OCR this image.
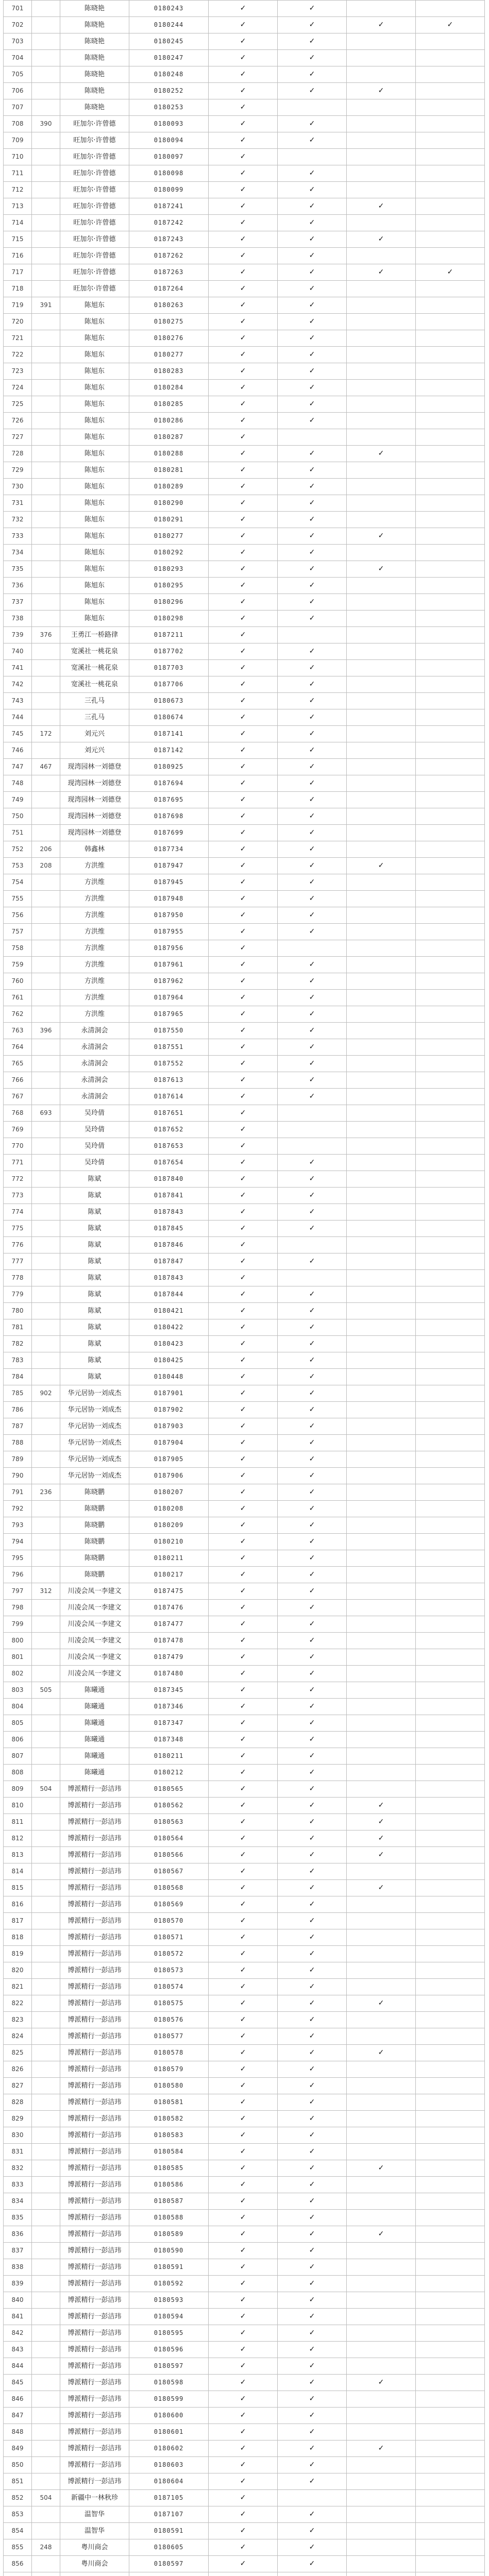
701		陈晓艳	0180243	✓	✓		
702		陈晓艳	0180244	✓	✓	✓	✓
703		陈晓艳	0180245	✓	✓		
704		陈晓艳	0180247	✓	✓		
705		陈晓艳	0180248	✓	✓		
706		陈晓艳	0180252	✓	✓	✓	
707		陈晓艳	0180253	✓			
708	390	旺加尔·许曾德	0180093	✓	✓		
709		旺加尔·许曾德	0180094	✓	✓		
710		旺加尔·许曾德	0180097	✓			
711		旺加尔·许曾德	0180098	✓	✓		
712		旺加尔·许曾德	0180099	✓	✓		
713		旺加尔·许曾德	0187241	✓	✓	✓	
714		旺加尔·许曾德	0187242	✓	✓		
715		旺加尔·许曾德	0187243	✓	✓	✓	
716		旺加尔·许曾德	0187262	✓	✓		
717		旺加尔·许曾德	0187263	✓	✓	✓	✓
718		旺加尔·许曾德	0187264	✓	✓		
719	391	陈旭东	0180263	✓	✓		
720		陈旭东	0180275	✓	✓		
721		陈旭东	0180276	✓	✓		
722		陈旭东	0180277	✓	✓		
723		陈旭东	0180283	✓	✓		
724		陈旭东	0180284	✓	✓		
725		陈旭东	0180285	✓	✓		
726		陈旭东	0180286	✓	✓		
727		陈旭东	0180287	✓			
728		陈旭东	0180288	✓	✓	✓	
729		陈旭东	0180281	✓	✓		
730		陈旭东	0180289	✓	✓		
731		陈旭东	0180290	✓	✓		
732		陈旭东	0180291	✓	✓		
733		陈旭东	0180277	✓	✓	✓	
734		陈旭东	0180292	✓	✓		
735		陈旭东	0180293	✓	✓	✓	
736		陈旭东	0180295	✓	✓		
737		陈旭东	0180296	✓	✓		
738		陈旭东	0180298	✓	✓		
739	376	王勇江一桥路律	0187211	✓			
740		宽溪社一桃花泉	0187702	✓	✓		
741		宽溪社一桃花泉	0187703	✓	✓		
742		宽溪社一桃花泉	0187706	✓	✓		
743		三孔马	0180673	✓	✓		
744		三孔马	0180674	✓	✓		
745	172	刘元兴	0187141	✓	✓		
746		刘元兴	0187142	✓	✓		
747	467	现湾园林一刘德登	0180925	✓	✓		
748		现湾园林一刘德登	0187694	✓	✓		
749		现湾园林一刘德登	0187695	✓	✓		
750		现湾园林一刘德登	0187698	✓	✓		
751		现湾园林一刘德登	0187699	✓	✓		
752	206	韩鑫林	0187734	✓	✓		
753	208	方洪维	0187947	✓	✓	✓	
754		方洪维	0187945	✓	✓		
755		方洪维	0187948	✓	✓		
756		方洪维	0187950	✓	✓		
757		方洪维	0187955	✓	✓		
758		方洪维	0187956	✓			
759		方洪维	0187961	✓	✓		
760		方洪维	0187962	✓	✓		
761		方洪维	0187964	✓	✓		
762		方洪维	0187965	✓	✓		
763	396	永清洞会	0187550	✓	✓		
764		永清洞会	0187551	✓	✓		
765		永清洞会	0187552	✓	✓		
766		永清洞会	0187613	✓	✓		
767		永清洞会	0187614	✓	✓		
768	693	吴玲倩	0187651	✓			
769		吴玲倩	0187652	✓			
770		吴玲倩	0187653	✓			
771		吴玲倩	0187654	✓	✓		
772		陈斌	0187840	✓	✓		
773		陈斌	0187841	✓	✓		
774		陈斌	0187843	✓	✓		
775		陈斌	0187845	✓	✓		
776		陈斌	0187846	✓			
777		陈斌	0187847	✓	✓		
778		陈斌	0187843	✓			
779		陈斌	0187844	✓	✓		
780		陈斌	0180421	✓	✓		
781		陈斌	0180422	✓	✓		
782		陈斌	0180423	✓	✓		
783		陈斌	0180425	✓	✓		
784		陈斌	0180448	✓	✓		
785	902	华元居协一刘成杰	0187901	✓	✓		
786		华元居协一刘成杰	0187902	✓	✓		
787		华元居协一刘成杰	0187903	✓	✓		
788		华元居协一刘成杰	0187904	✓	✓		
789		华元居协一刘成杰	0187905	✓	✓		
790		华元居协一刘成杰	0187906	✓	✓		
791	236	陈晓鹏	0180207	✓	✓		
792		陈晓鹏	0180208	✓	✓		
793		陈晓鹏	0180209	✓	✓		
794		陈晓鹏	0180210	✓	✓		
795		陈晓鹏	0180211	✓	✓		
796		陈晓鹏	0180217	✓	✓		
797	312	川凌会凤一李建文	0187475	✓	✓		
798		川凌会凤一李建文	0187476	✓	✓		
799		川凌会凤一李建文	0187477	✓	✓		
800		川凌会凤一李建文	0187478	✓	✓		
801		川凌会凤一李建文	0187479	✓	✓		
802		川凌会凤一李建文	0187480	✓	✓		
803	505	陈曦通	0187345	✓	✓		
804		陈曦通	0187346	✓	✓		
805		陈曦通	0187347	✓	✓		
806		陈曦通	0187348	✓	✓		
807		陈曦通	0180211	✓	✓		
808		陈曦通	0180212	✓	✓		
809	504	博派精行一彭洁玮	0180565	✓	✓		
810		博派精行一彭洁玮	0180562	✓	✓	✓	
811		博派精行一彭洁玮	0180563	✓	✓	✓	
812		博派精行一彭洁玮	0180564	✓	✓	✓	
813		博派精行一彭洁玮	0180566	✓	✓	✓	
814		博派精行一彭洁玮	0180567	✓	✓		
815		博派精行一彭洁玮	0180568	✓	✓	✓	
816		博派精行一彭洁玮	0180569	✓	✓		
817		博派精行一彭洁玮	0180570	✓	✓		
818		博派精行一彭洁玮	0180571	✓	✓		
819		博派精行一彭洁玮	0180572	✓	✓		
820		博派精行一彭洁玮	0180573	✓	✓		
821		博派精行一彭洁玮	0180574	✓	✓		
822		博派精行一彭洁玮	0180575	✓	✓	✓	
823		博派精行一彭洁玮	0180576	✓	✓		
824		博派精行一彭洁玮	0180577	✓	✓		
825		博派精行一彭洁玮	0180578	✓	✓	✓	
826		博派精行一彭洁玮	0180579	✓	✓		
827		博派精行一彭洁玮	0180580	✓	✓		
828		博派精行一彭洁玮	0180581	✓	✓		
829		博派精行一彭洁玮	0180582	✓	✓		
830		博派精行一彭洁玮	0180583	✓	✓		
831		博派精行一彭洁玮	0180584	✓	✓		
832		博派精行一彭洁玮	0180585	✓	✓	✓	
833		博派精行一彭洁玮	0180586	✓	✓		
834		博派精行一彭洁玮	0180587	✓	✓		
835		博派精行一彭洁玮	0180588	✓	✓		
836		博派精行一彭洁玮	0180589	✓	✓	✓	
837		博派精行一彭洁玮	0180590	✓	✓		
838		博派精行一彭洁玮	0180591	✓	✓		
839		博派精行一彭洁玮	0180592	✓	✓		
840		博派精行一彭洁玮	0180593	✓	✓		
841		博派精行一彭洁玮	0180594	✓	✓		
842		博派精行一彭洁玮	0180595	✓	✓		
843		博派精行一彭洁玮	0180596	✓	✓		
844		博派精行一彭洁玮	0180597	✓	✓		
845		博派精行一彭洁玮	0180598	✓	✓	✓	
846		博派精行一彭洁玮	0180599	✓	✓		
847		博派精行一彭洁玮	0180600	✓	✓		
848		博派精行一彭洁玮	0180601	✓	✓		
849		博派精行一彭洁玮	0180602	✓	✓	✓	
850		博派精行一彭洁玮	0180603	✓	✓		
851		博派精行一彭洁玮	0180604	✓	✓		
852	504	新疆中一林秋珍	0187105	✓			
853		温智华	0187107	✓	✓		
854		温智华	0180591	✓	✓		
855	248	粤川商会	0180605	✓	✓		
856		粤川商会	0180597	✓	✓		
